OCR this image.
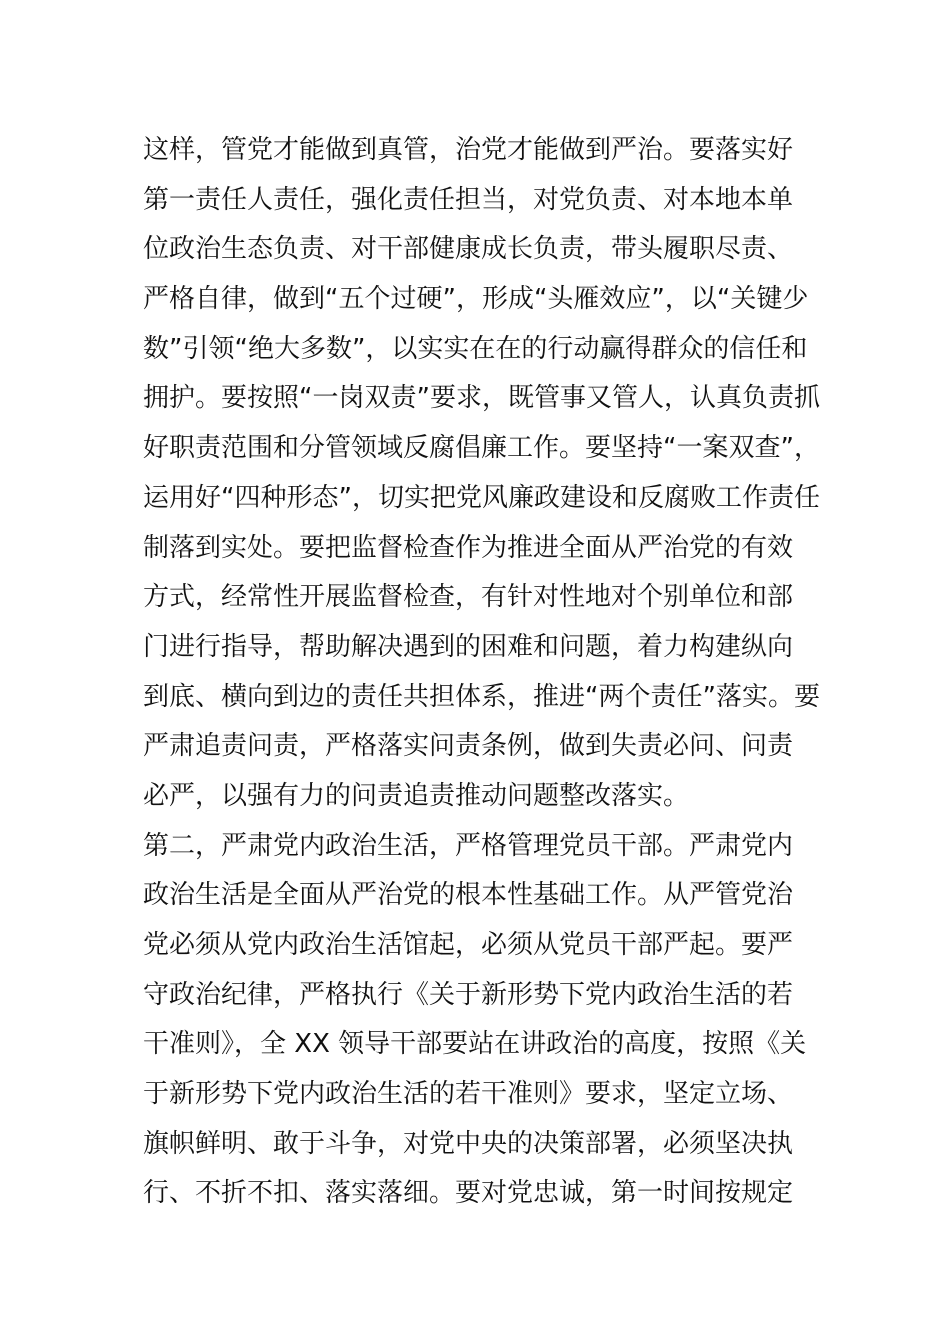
这样，管党才能做到真管，治党才能做到严治。要落实好
第一责任人责任，强化责任担当，对党负责、对本地本单
位政治生态负责、对干部健康成长负责，带头履职尽责、
严格自律，做到“五个过硬”，形成“头雁效应”，以“关键少
数”引领“绝大多数”，以实实在在的行动赢得群众的信任和
拥护。要按照“一岗双责”要求，既管事又管人，认真负责抓
好职责范围和分管领域反腐倡廉工作。要坚持“一案双查”，
运用好“四种形态”，切实把党风廉政建设和反腐败工作责任
制落到实处。要把监督检查作为推进全面从严治党的有效
方式，经常性开展监督检查，有针对性地对个别单位和部
门进行指导，帮助解决遇到的困难和问题，着力构建纵向
到底、横向到边的责任共担体系，推进“两个责任”落实。要
严肃追责问责，严格落实问责条例，做到失责必问、问责
必严，以强有力的问责追责推动问题整改落实。
第二，严肃党内政治生活，严格管理党员干部。严肃党内
政治生活是全面从严治党的根本性基础工作。从严管党治
党必须从党内政治生活馆起，必须从党员干部严起。要严
守政治纪律，严格执行《关于新形势下党内政治生活的若
干准则》，全 XX 领导干部要站在讲政治的高度，按照《关
于新形势下党内政治生活的若干准则》要求，坚定立场、
旗帜鲜明、敢于斗争，对党中央的决策部署，必须坚决执
行、不折不扣、落实落细。要对党忠诚，第一时间按规定
